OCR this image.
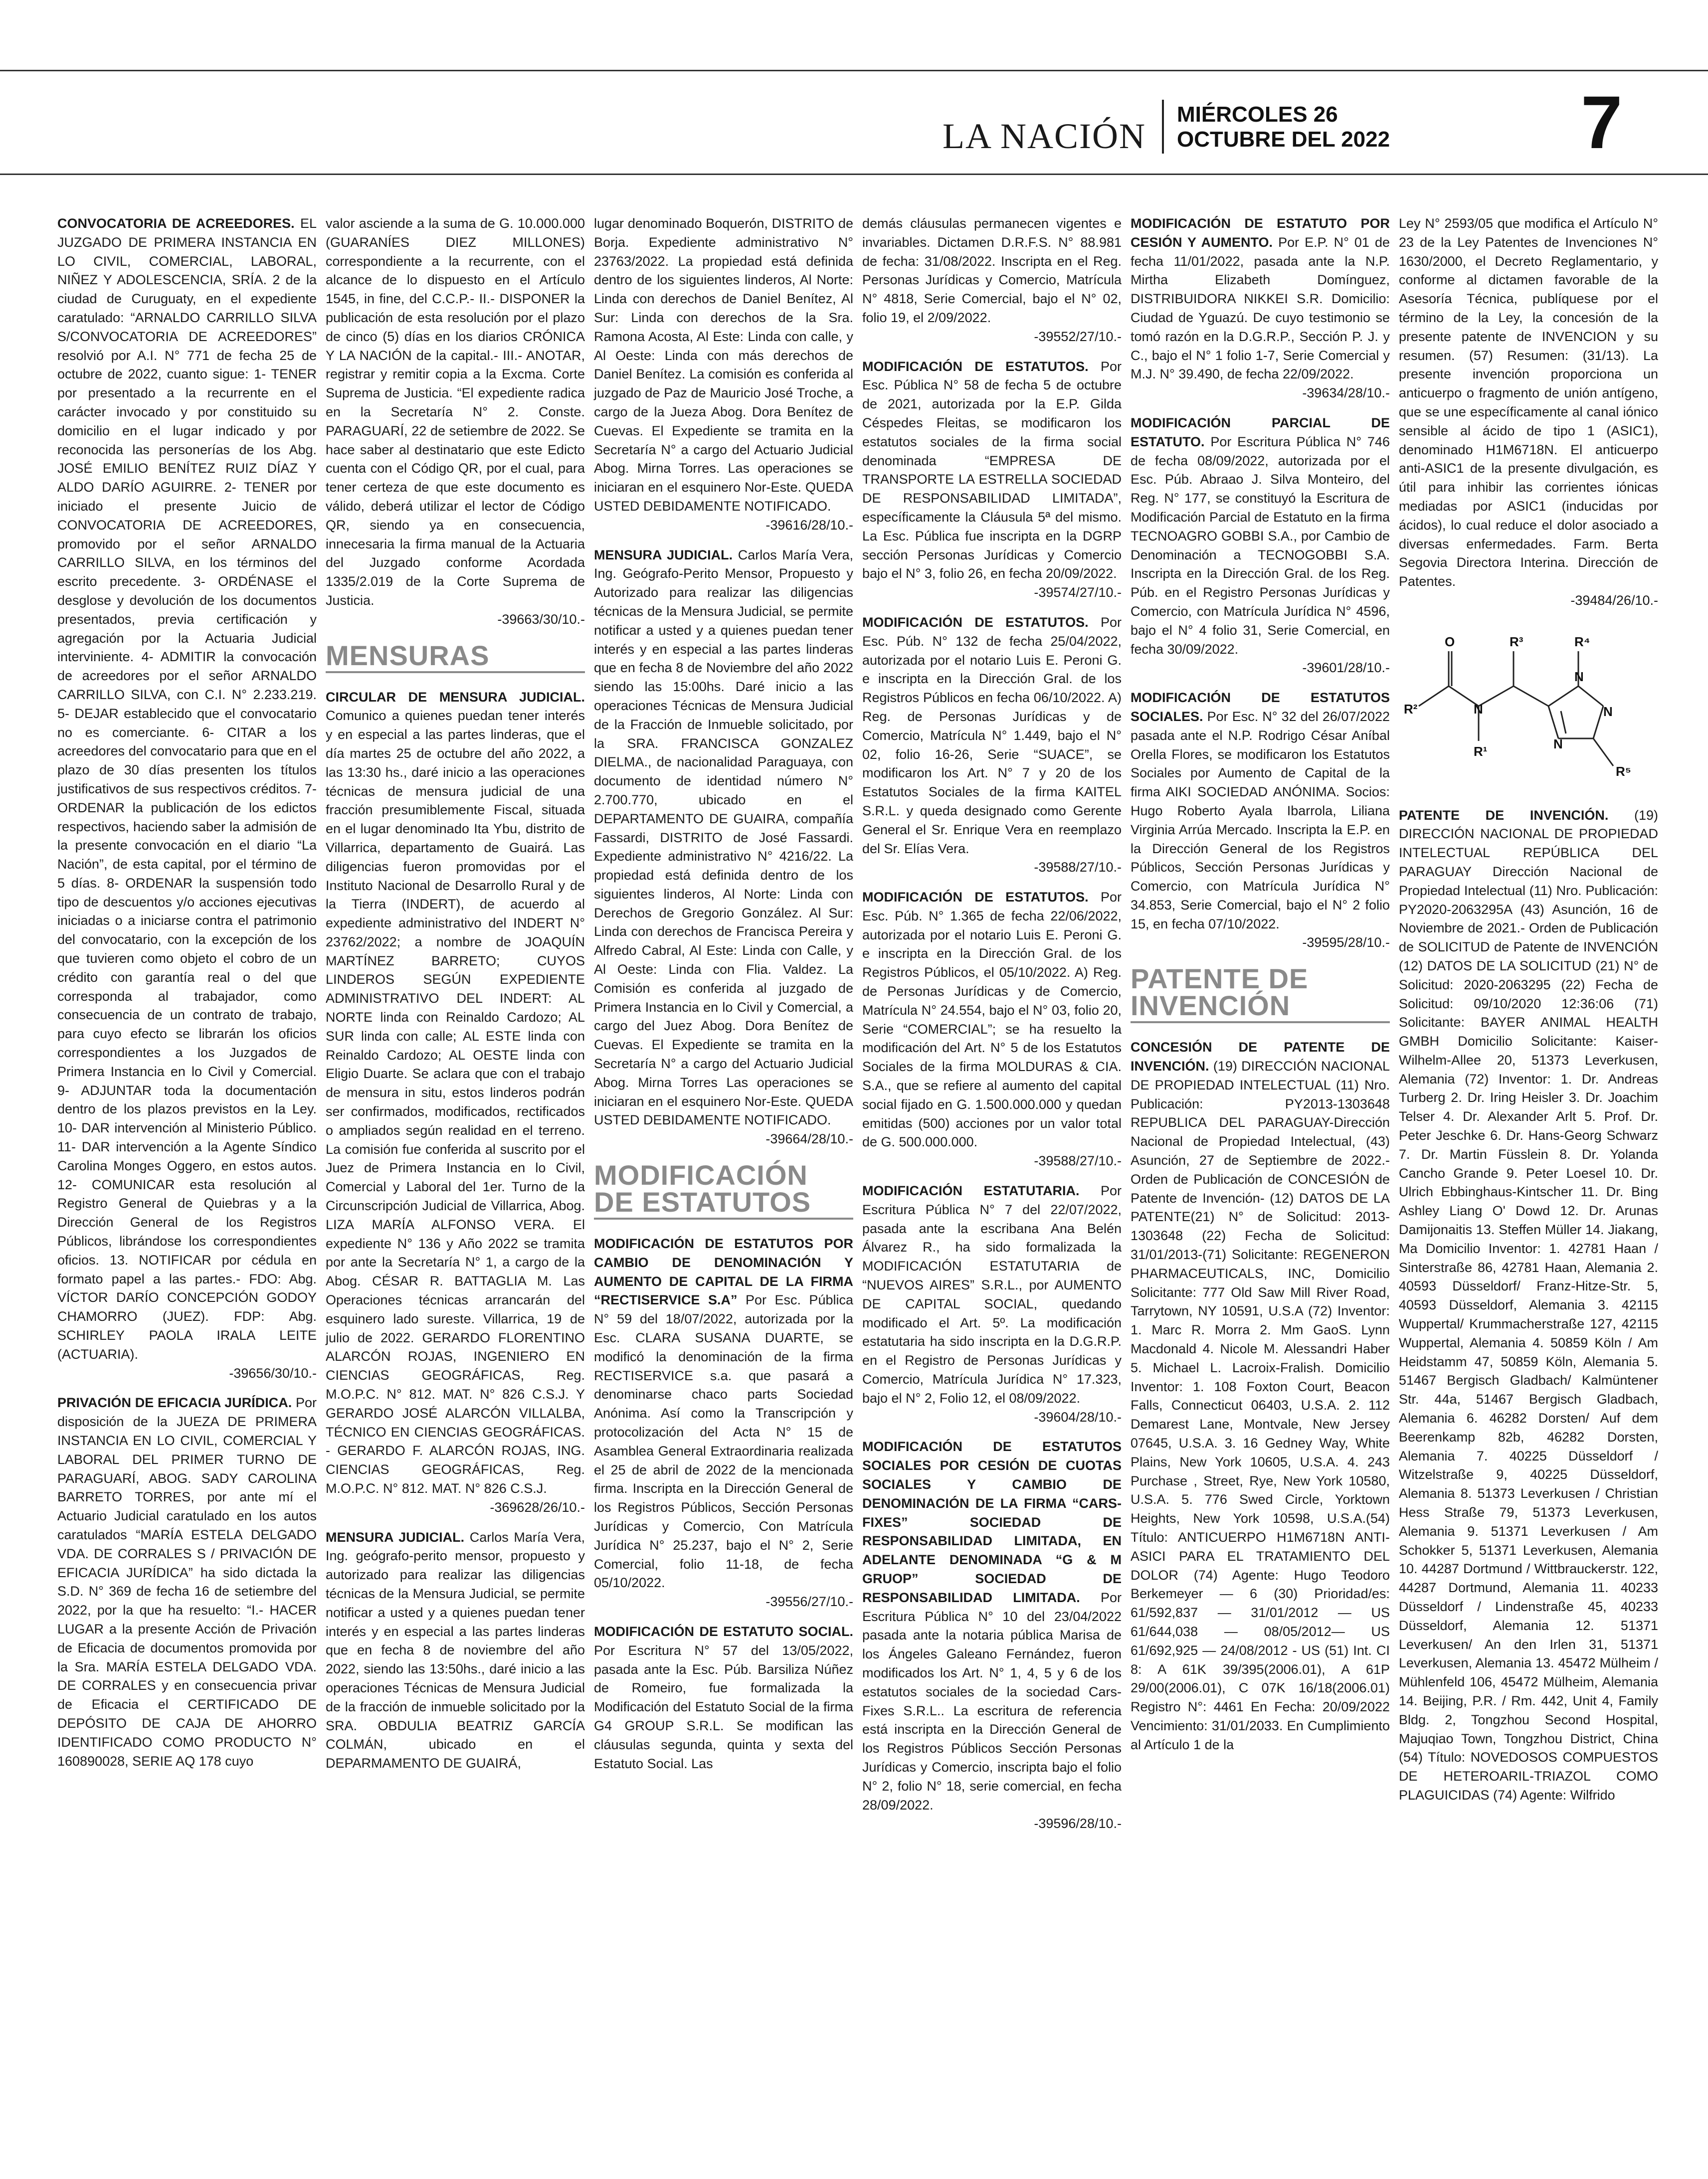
LA NACIÓN
MIÉRCOLES 26
OCTUBRE DEL 2022	7

CONVOCATORIA DE ACREEDORES. EL JUZGADO DE PRIMERA INSTANCIA EN LO CIVIL, COMERCIAL, LABORAL, NIÑEZ Y ADOLESCENCIA, SRÍA. 2 de la ciudad de Curuguaty, en el expediente caratulado: “ARNALDO CARRILLO SILVA S/CONVOCATORIA DE ACREEDORES” resolvió por A.I. N° 771 de fecha 25 de octubre de 2022, cuanto sigue: 1- TENER por presentado a la recurrente en el carácter invocado y por constituido su domicilio en el lugar indicado y por reconocida las personerías de los Abg. JOSÉ EMILIO BENÍTEZ RUIZ DÍAZ Y ALDO DARÍO AGUIRRE. 2- TENER por iniciado el presente Juicio de CONVOCATORIA DE ACREEDORES, promovido por el señor ARNALDO CARRILLO SILVA, en los términos del escrito precedente. 3- ORDÉNASE el desglose y devolución de los documentos presentados, previa certificación y agregación por la Actuaria Judicial interviniente. 4- ADMITIR la convocación de acreedores por el señor ARNALDO CARRILLO SILVA, con C.I. N° 2.233.219. 5- DEJAR establecido que el convocatario no es comerciante. 6- CITAR a los acreedores del convocatario para que en el plazo de 30 días presenten los títulos justificativos de sus respectivos créditos. 7- ORDENAR la publicación de los edictos respectivos, haciendo saber la admisión de la presente convocación en el diario “La Nación”, de esta capital, por el término de 5 días. 8- ORDENAR la suspensión todo tipo de descuentos y/o acciones ejecutivas iniciadas o a iniciarse contra el patrimonio del convocatario, con la excepción de los que tuvieren como objeto el cobro de un crédito con garantía real o del que corresponda al trabajador, como consecuencia de un contrato de trabajo, para cuyo efecto se librarán los oficios correspondientes a los Juzgados de Primera Instancia en lo Civil y Comercial. 9- ADJUNTAR toda la documentación dentro de los plazos previstos en la Ley. 10- DAR intervención al Ministerio Público. 11- DAR intervención a la Agente Síndico Carolina Monges Oggero, en estos autos. 12- COMUNICAR esta resolución al Registro General de Quiebras y a la Dirección General de los Registros Públicos, librándose los correspondientes oficios. 13. NOTIFICAR por cédula en formato papel a las partes.- FDO: Abg. VÍCTOR DARÍO CONCEPCIÓN GODOY CHAMORRO (JUEZ). FDP: Abg. SCHIRLEY PAOLA IRALA LEITE (ACTUARIA).
-39656/30/10.-

PRIVACIÓN DE EFICACIA JURÍDICA. Por disposición de la JUEZA DE PRIMERA INSTANCIA EN LO CIVIL, COMERCIAL Y LABORAL DEL PRIMER TURNO DE PARAGUARÍ, ABOG. SADY CAROLINA BARRETO TORRES, por ante mí el Actuario Judicial caratulado en los autos caratulados “MARÍA ESTELA DELGADO VDA. DE CORRALES S / PRIVACIÓN DE EFICACIA JURÍDICA” ha sido dictada la S.D. N° 369 de fecha 16 de setiembre del 2022, por la que ha resuelto: “I.- HACER LUGAR a la presente Acción de Privación de Eficacia de documentos promovida por la Sra. MARÍA ESTELA DELGADO VDA. DE CORRALES y en consecuencia privar de Eficacia el CERTIFICADO DE DEPÓSITO DE CAJA DE AHORRO IDENTIFICADO COMO PRODUCTO N° 160890028, SERIE AQ 178 cuyo

valor asciende a la suma de G. 10.000.000 (GUARANÍES DIEZ MILLONES) correspondiente a la recurrente, con el alcance de lo dispuesto en el Artículo 1545, in fine, del C.C.P.- II.- DISPONER la publicación de esta resolución por el plazo de cinco (5) días en los diarios CRÓNICA Y LA NACIÓN de la capital.- III.- ANOTAR, registrar y remitir copia a la Excma. Corte Suprema de Justicia. “El expediente radica en la Secretaría N° 2. Conste. PARAGUARÍ, 22 de setiembre de 2022. Se hace saber al destinatario que este Edicto cuenta con el Código QR, por el cual, para tener certeza de que este documento es válido, deberá utilizar el lector de Código QR, siendo ya en consecuencia, innecesaria la firma manual de la Actuaria del Juzgado conforme Acordada 1335/2.019 de la Corte Suprema de Justicia.
-39663/30/10.-

MENSURAS

CIRCULAR DE MENSURA JUDICIAL. Comunico a quienes puedan tener interés y en especial a las partes linderas, que el día martes 25 de octubre del año 2022, a las 13:30 hs., daré inicio a las operaciones técnicas de mensura judicial de una fracción presumiblemente Fiscal, situada en el lugar denominado Ita Ybu, distrito de Villarrica, departamento de Guairá. Las diligencias fueron promovidas por el Instituto Nacional de Desarrollo Rural y de la Tierra (INDERT), de acuerdo al expediente administrativo del INDERT N° 23762/2022; a nombre de JOAQUÍN MARTÍNEZ BARRETO; CUYOS LINDEROS SEGÚN EXPEDIENTE ADMINISTRATIVO DEL INDERT: AL NORTE linda con Reinaldo Cardozo; AL SUR linda con calle; AL ESTE linda con Reinaldo Cardozo; AL OESTE linda con Eligio Duarte. Se aclara que con el trabajo de mensura in situ, estos linderos podrán ser confirmados, modificados, rectificados o ampliados según realidad en el terreno. La comisión fue conferida al suscrito por el Juez de Primera Instancia en lo Civil, Comercial y Laboral del 1er. Turno de la Circunscripción Judicial de Villarrica, Abog. LIZA MARÍA ALFONSO VERA. El expediente N° 136 y Año 2022 se tramita por ante la Secretaría N° 1, a cargo de la Abog. CÉSAR R. BATTAGLIA M. Las Operaciones técnicas arrancarán del esquinero lado sureste. Villarrica, 19 de julio de 2022. GERARDO FLORENTINO ALARCÓN ROJAS, INGENIERO EN CIENCIAS GEOGRÁFICAS, Reg. M.O.P.C. N° 812. MAT. N° 826 C.S.J. Y GERARDO JOSÉ ALARCÓN VILLALBA, TÉCNICO EN CIENCIAS GEOGRÁFICAS. - GERARDO F. ALARCÓN ROJAS, ING. CIENCIAS GEOGRÁFICAS, Reg. M.O.P.C. N° 812. MAT. N° 826 C.S.J.
-369628/26/10.-

MENSURA JUDICIAL. Carlos María Vera, Ing. geógrafo-perito mensor, propuesto y autorizado para realizar las diligencias técnicas de la Mensura Judicial, se permite notificar a usted y a quienes puedan tener interés y en especial a las partes linderas que en fecha 8 de noviembre del año 2022, siendo las 13:50hs., daré inicio a las operaciones Técnicas de Mensura Judicial de la fracción de inmueble solicitado por la SRA. OBDULIA BEATRIZ GARCÍA COLMÁN, ubicado en el DEPARMAMENTO DE GUAIRÁ,

lugar denominado Boquerón, DISTRITO de Borja. Expediente administrativo N° 23763/2022. La propiedad está definida dentro de los siguientes linderos, Al Norte: Linda con derechos de Daniel Benítez, Al Sur: Linda con derechos de la Sra. Ramona Acosta, Al Este: Linda con calle, y Al Oeste: Linda con más derechos de Daniel Benítez. La comisión es conferida al juzgado de Paz de Mauricio José Troche, a cargo de la Jueza Abog. Dora Benítez de Cuevas. El Expediente se tramita en la Secretaría N° a cargo del Actuario Judicial Abog. Mirna Torres. Las operaciones se iniciaran en el esquinero Nor-Este. QUEDA USTED DEBIDAMENTE NOTIFICADO.
-39616/28/10.-

MENSURA JUDICIAL. Carlos María Vera, Ing. Geógrafo-Perito Mensor, Propuesto y Autorizado para realizar las diligencias técnicas de la Mensura Judicial, se permite notificar a usted y a quienes puedan tener interés y en especial a las partes linderas que en fecha 8 de Noviembre del año 2022 siendo las 15:00hs. Daré inicio a las operaciones Técnicas de Mensura Judicial de la Fracción de Inmueble solicitado, por la SRA. FRANCISCA GONZALEZ DIELMA., de nacionalidad Paraguaya, con documento de identidad número N° 2.700.770, ubicado en el DEPARTAMENTO DE GUAIRA, compañía Fassardi, DISTRITO de José Fassardi. Expediente administrativo N° 4216/22. La propiedad está definida dentro de los siguientes linderos, Al Norte: Linda con Derechos de Gregorio González. Al Sur: Linda con derechos de Francisca Pereira y Alfredo Cabral, Al Este: Linda con Calle, y Al Oeste: Linda con Flia. Valdez. La Comisión es conferida al juzgado de Primera Instancia en lo Civil y Comercial, a cargo del Juez Abog. Dora Benítez de Cuevas. El Expediente se tramita en la Secretaría N° a cargo del Actuario Judicial Abog. Mirna Torres Las operaciones se iniciaran en el esquinero Nor-Este. QUEDA USTED DEBIDAMENTE NOTIFICADO.
-39664/28/10.-

MODIFICACIÓN DE ESTATUTOS

MODIFICACIÓN DE ESTATUTOS POR CAMBIO DE DENOMINACIÓN Y AUMENTO DE CAPITAL DE LA FIRMA “RECTISERVICE S.A” Por Esc. Pública N° 59 del 18/07/2022, autorizada por la Esc. CLARA SUSANA DUARTE, se modificó la denominación de la firma RECTISERVICE s.a. que pasará a denominarse chaco parts Sociedad Anónima. Así como la Transcripción y protocolización del Acta N° 15 de Asamblea General Extraordinaria realizada el 25 de abril de 2022 de la mencionada firma. Inscripta en la Dirección General de los Registros Públicos, Sección Personas Jurídicas y Comercio, Con Matrícula Jurídica N° 25.237, bajo el N° 2, Serie Comercial, folio 11-18, de fecha 05/10/2022.
-39556/27/10.-

MODIFICACIÓN DE ESTATUTO SOCIAL. Por Escritura N° 57 del 13/05/2022, pasada ante la Esc. Púb. Barsiliza Núñez de Romeiro, fue formalizada la Modificación del Estatuto Social de la firma G4 GROUP S.R.L. Se modifican las cláusulas segunda, quinta y sexta del Estatuto Social. Las

demás cláusulas permanecen vigentes e invariables. Dictamen D.R.F.S. N° 88.981 de fecha: 31/08/2022. Inscripta en el Reg. Personas Jurídicas y Comercio, Matrícula N° 4818, Serie Comercial, bajo el N° 02, folio 19, el 2/09/2022.
-39552/27/10.-

MODIFICACIÓN DE ESTATUTOS. Por Esc. Pública N° 58 de fecha 5 de octubre de 2021, autorizada por la E.P. Gilda Céspedes Fleitas, se modificaron los estatutos sociales de la firma social denominada “EMPRESA DE TRANSPORTE LA ESTRELLA SOCIEDAD DE RESPONSABILIDAD LIMITADA”, específicamente la Cláusula 5ª del mismo. La Esc. Pública fue inscripta en la DGRP sección Personas Jurídicas y Comercio bajo el N° 3, folio 26, en fecha 20/09/2022.
-39574/27/10.-

MODIFICACIÓN DE ESTATUTOS. Por Esc. Púb. N° 132 de fecha 25/04/2022, autorizada por el notario Luis E. Peroni G. e inscripta en la Dirección Gral. de los Registros Públicos en fecha 06/10/2022. A) Reg. de Personas Jurídicas y de Comercio, Matrícula N° 1.449, bajo el N° 02, folio 16-26, Serie “SUACE”, se modificaron los Art. N° 7 y 20 de los Estatutos Sociales de la firma KAITEL S.R.L. y queda designado como Gerente General el Sr. Enrique Vera en reemplazo del Sr. Elías Vera.
-39588/27/10.-

MODIFICACIÓN DE ESTATUTOS. Por Esc. Púb. N° 1.365 de fecha 22/06/2022, autorizada por el notario Luis E. Peroni G. e inscripta en la Dirección Gral. de los Registros Públicos, el 05/10/2022. A) Reg. de Personas Jurídicas y de Comercio, Matrícula N° 24.554, bajo el N° 03, folio 20, Serie “COMERCIAL”; se ha resuelto la modificación del Art. N° 5 de los Estatutos Sociales de la firma MOLDURAS & CIA. S.A., que se refiere al aumento del capital social fijado en G. 1.500.000.000 y quedan emitidas (500) acciones por un valor total de G. 500.000.000.
-39588/27/10.-

MODIFICACIÓN ESTATUTARIA. Por Escritura Pública N° 7 del 22/07/2022, pasada ante la escribana Ana Belén Álvarez R., ha sido formalizada la MODIFICACIÓN ESTATUTARIA de “NUEVOS AIRES” S.R.L., por AUMENTO DE CAPITAL SOCIAL, quedando modificado el Art. 5º. La modificación estatutaria ha sido inscripta en la D.G.R.P. en el Registro de Personas Jurídicas y Comercio, Matrícula Jurídica N° 17.323, bajo el N° 2, Folio 12, el 08/09/2022.
-39604/28/10.-

MODIFICACIÓN DE ESTATUTOS SOCIALES POR CESIÓN DE CUOTAS SOCIALES Y CAMBIO DE DENOMINACIÓN DE LA FIRMA “CARS-FIXES” SOCIEDAD DE RESPONSABILIDAD LIMITADA, EN ADELANTE DENOMINADA “G & M GRUOP” SOCIEDAD DE RESPONSABILIDAD LIMITADA. Por Escritura Pública N° 10 del 23/04/2022 pasada ante la notaria pública Marisa de los Ángeles Galeano Fernández, fueron modificados los Art. N° 1, 4, 5 y 6 de los estatutos sociales de la sociedad Cars-Fixes S.R.L.. La escritura de referencia está inscripta en la Dirección General de los Registros Públicos Sección Personas Jurídicas y Comercio, inscripta bajo el folio N° 2, folio N° 18, serie comercial, en fecha 28/09/2022.
-39596/28/10.-

MODIFICACIÓN DE ESTATUTO POR CESIÓN Y AUMENTO. Por E.P. N° 01 de fecha 11/01/2022, pasada ante la N.P. Mirtha Elizabeth Domínguez, DISTRIBUIDORA NIKKEI S.R. Domicilio: Ciudad de Yguazú. De cuyo testimonio se tomó razón en la D.G.R.P., Sección P. J. y C., bajo el N° 1 folio 1-7, Serie Comercial y M.J. N° 39.490, de fecha 22/09/2022.
-39634/28/10.-

MODIFICACIÓN PARCIAL DE ESTATUTO. Por Escritura Pública N° 746 de fecha 08/09/2022, autorizada por el Esc. Púb. Abraao J. Silva Monteiro, del Reg. N° 177, se constituyó la Escritura de Modificación Parcial de Estatuto en la firma TECNOAGRO GOBBI S.A., por Cambio de Denominación a TECNOGOBBI S.A. Inscripta en la Dirección Gral. de los Reg. Púb. en el Registro Personas Jurídicas y Comercio, con Matrícula Jurídica N° 4596, bajo el N° 4 folio 31, Serie Comercial, en fecha 30/09/2022.
-39601/28/10.-

MODIFICACIÓN DE ESTATUTOS SOCIALES. Por Esc. N° 32 del 26/07/2022 pasada ante el N.P. Rodrigo César Aníbal Orella Flores, se modificaron los Estatutos Sociales por Aumento de Capital de la firma AIKI SOCIEDAD ANÓNIMA. Socios: Hugo Roberto Ayala Ibarrola, Liliana Virginia Arrúa Mercado. Inscripta la E.P. en la Dirección General de los Registros Públicos, Sección Personas Jurídicas y Comercio, con Matrícula Jurídica N° 34.853, Serie Comercial, bajo el N° 2 folio 15, en fecha 07/10/2022.
-39595/28/10.-

PATENTE DE INVENCIÓN

CONCESIÓN DE PATENTE DE INVENCIÓN. (19) DIRECCIÓN NACIONAL DE PROPIEDAD INTELECTUAL (11) Nro. Publicación: PY2013-1303648 REPUBLICA DEL PARAGUAY-Dirección Nacional de Propiedad Intelectual, (43) Asunción, 27 de Septiembre de 2022.- Orden de Publicación de CONCESIÓN de Patente de Invención- (12) DATOS DE LA PATENTE(21) N° de Solicitud: 2013-1303648 (22) Fecha de Solicitud: 31/01/2013-(71) Solicitante: REGENERON PHARMACEUTICALS, INC, Domicilio Solicitante: 777 Old Saw Mill River Road, Tarrytown, NY 10591, U.S.A (72) Inventor: 1. Marc R. Morra 2. Mm GaoS. Lynn Macdonald 4. Nicole M. Alessandri Haber 5. Michael L. Lacroix-Fralish. Domicilio Inventor: 1. 108 Foxton Court, Beacon Falls, Connecticut 06403, U.S.A. 2. 112 Demarest Lane, Montvale, New Jersey 07645, U.S.A. 3. 16 Gedney Way, White Plains, New York 10605, U.S.A. 4. 243 Purchase , Street, Rye, New York 10580, U.S.A. 5. 776 Swed Circle, Yorktown Heights, New York 10598, U.S.A.(54) Título: ANTICUERPO H1M6718N ANTI-ASICI PARA EL TRATAMIENTO DEL DOLOR (74) Agente: Hugo Teodoro Berkemeyer — 6 (30) Prioridad/es: 61/592,837 — 31/01/2012 — US 61/644,038 — 08/05/2012— US 61/692,925 — 24/08/2012 - US (51) Int. CI 8: A 61K 39/395(2006.01), A 61P 29/00(2006.01), C 07K 16/18(2006.01) Registro N°: 4461 En Fecha: 20/09/2022 Vencimiento: 31/01/2033. En Cumplimiento al Artículo 1 de la

Ley N° 2593/05 que modifica el Artículo N° 23 de la Ley Patentes de Invenciones N° 1630/2000, el Decreto Reglamentario, y conforme al dictamen favorable de la Asesoría Técnica, publíquese por el término de la Ley, la concesión de la presente patente de INVENCION y su resumen. (57) Resumen: (31/13). La presente invención proporciona un anticuerpo o fragmento de unión antígeno, que se une específicamente al canal iónico sensible al ácido de tipo 1 (ASIC1), denominado H1M6718N. El anticuerpo anti-ASIC1 de la presente divulgación, es útil para inhibir las corrientes iónicas mediadas por ASIC1 (inducidas por ácidos), lo cual reduce el dolor asociado a diversas enfermedades. Farm. Berta Segovia Directora Interina. Dirección de Patentes.
-39484/26/10.-

O
R²	N
R¹
R³
N
R⁴
N
N
R⁵

PATENTE DE INVENCIÓN. (19) DIRECCIÓN NACIONAL DE PROPIEDAD INTELECTUAL REPÚBLICA DEL PARAGUAY Dirección Nacional de Propiedad Intelectual (11) Nro. Publicación: PY2020-2063295A (43) Asunción, 16 de Noviembre de 2021.- Orden de Publicación de SOLICITUD de Patente de INVENCIÓN (12) DATOS DE LA SOLICITUD (21) N° de Solicitud: 2020-2063295 (22) Fecha de Solicitud: 09/10/2020 12:36:06 (71) Solicitante: BAYER ANIMAL HEALTH GMBH Domicilio Solicitante: Kaiser-Wilhelm-Allee 20, 51373 Leverkusen, Alemania (72) Inventor: 1. Dr. Andreas Turberg 2. Dr. Iring Heisler 3. Dr. Joachim Telser 4. Dr. Alexander Arlt 5. Prof. Dr. Peter Jeschke 6. Dr. Hans-Georg Schwarz 7. Dr. Martin Füsslein 8. Dr. Yolanda Cancho Grande 9. Peter Loesel 10. Dr. Ulrich Ebbinghaus-Kintscher 11. Dr. Bing Ashley Liang O' Dowd 12. Dr. Arunas Damijonaitis 13. Steffen Müller 14. Jiakang, Ma Domicilio Inventor: 1. 42781 Haan / Sinterstraße 86, 42781 Haan, Alemania 2. 40593 Düsseldorf/ Franz-Hitze-Str. 5, 40593 Düsseldorf, Alemania 3. 42115 Wuppertal/ Krummacherstraße 127, 42115 Wuppertal, Alemania 4. 50859 Köln / Am Heidstamm 47, 50859 Köln, Alemania 5. 51467 Bergisch Gladbach/ Kalmüntener Str. 44a, 51467 Bergisch Gladbach, Alemania 6. 46282 Dorsten/ Auf dem Beerenkamp 82b, 46282 Dorsten, Alemania 7. 40225 Düsseldorf / Witzelstraße 9, 40225 Düsseldorf, Alemania 8. 51373 Leverkusen / Christian Hess Straße 79, 51373 Leverkusen, Alemania 9. 51371 Leverkusen / Am Schokker 5, 51371 Leverkusen, Alemania 10. 44287 Dortmund / Wittbrauckerstr. 122, 44287 Dortmund, Alemania 11. 40233 Düsseldorf / Lindenstraße 45, 40233 Düsseldorf, Alemania 12. 51371 Leverkusen/ An den Irlen 31, 51371 Leverkusen, Alemania 13. 45472 Mülheim / Mühlenfeld 106, 45472 Mülheim, Alemania 14. Beijing, P.R. / Rm. 442, Unit 4, Family Bldg. 2, Tongzhou Second Hospital, Majuqiao Town, Tongzhou District, China (54) Título: NOVEDOSOS COMPUESTOS DE HETEROARIL-TRIAZOL COMO PLAGUICIDAS (74) Agente: Wilfrido
